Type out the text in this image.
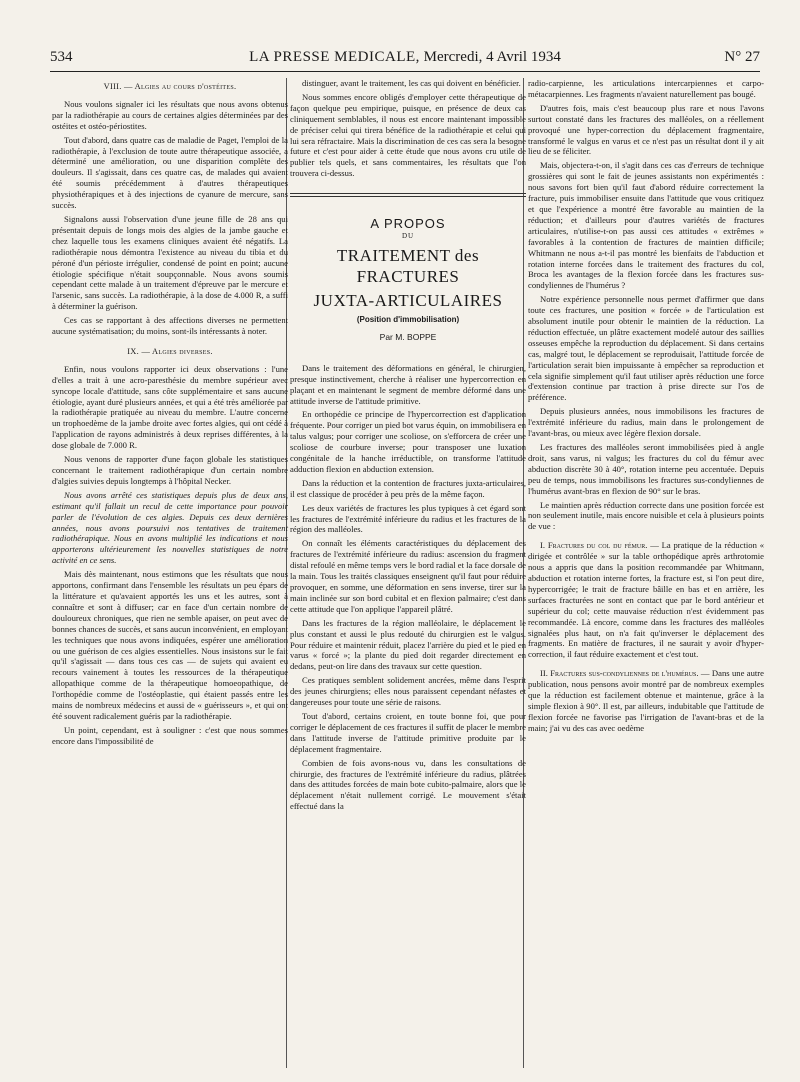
534	LA PRESSE MEDICALE, Mercredi, 4 Avril 1934	N° 27

VIII. — Algies au cours d'ostéites.

Nous voulons signaler ici les résultats que nous avons obtenus par la radiothérapie au cours de certaines algies déterminées par des ostéites et ostéo-périostites.

Tout d'abord, dans quatre cas de maladie de Paget, l'emploi de la radiothérapie, à l'exclusion de toute autre thérapeutique associée, a déterminé une amélioration, ou une disparition complète des douleurs. Il s'agissait, dans ces quatre cas, de malades qui avaient été soumis précédemment à d'autres thérapeutiques physiothérapiques et à des injections de cyanure de mercure, sans succès.

Signalons aussi l'observation d'une jeune fille de 28 ans qui présentait depuis de longs mois des algies de la jambe gauche et chez laquelle tous les examens cliniques avaient été négatifs. La radiothérapie nous démontra l'existence au niveau du tibia et du péroné d'un périoste irrégulier, condensé de point en point; aucune étiologie spécifique n'était soupçonnable. Nous avons soumis cependant cette malade à un traitement d'épreuve par le mercure et l'arsenic, sans succès. La radiothérapie, à la dose de 4.000 R, a suffi à déterminer la guérison.

Ces cas se rapportant à des affections diverses ne permettent aucune systématisation; du moins, sont-ils intéressants à noter.

IX. — Algies diverses.

Enfin, nous voulons rapporter ici deux observations : l'une d'elles a trait à une acro-paresthésie du membre supérieur avec syncope locale d'attitude, sans côte supplémentaire et sans aucune étiologie, ayant duré plusieurs années, et qui a été très améliorée par la radiothérapie pratiquée au niveau du membre. L'autre concerne un trophoedème de la jambe droite avec fortes algies, qui ont cédé à l'application de rayons administrés à deux reprises différentes, à la dose globale de 7.000 R.

Nous venons de rapporter d'une façon globale les statistiques concernant le traitement radiothérapique d'un certain nombre d'algies suivies depuis longtemps à l'hôpital Necker.

Nous avons arrêté ces statistiques depuis plus de deux ans, estimant qu'il fallait un recul de cette importance pour pouvoir parler de l'évolution de ces algies. Depuis ces deux dernières années, nous avons poursuivi nos tentatives de traitement radiothérapique. Nous en avons multiplié les indications et nous apporterons ultérieurement les nouvelles statistiques de notre activité en ce sens.

Mais dès maintenant, nous estimons que les résultats que nous apportons, confirmant dans l'ensemble les résultats un peu épars de la littérature et qu'avaient apportés les uns et les autres, sont à connaître et sont à diffuser; car en face d'un certain nombre de douloureux chroniques, que rien ne semble apaiser, on peut avec de bonnes chances de succès, et sans aucun inconvénient, en employant les techniques que nous avons indiquées, espérer une amélioration ou une guérison de ces algies essentielles. Nous insistons sur le fait qu'il s'agissait — dans tous ces cas — de sujets qui avaient eu recours vainement à toutes les ressources de la thérapeutique allopathique comme de la thérapeutique homoeopathique, de l'orthopédie comme de l'ostéoplastie, qui étaient passés entre les mains de nombreux médecins et aussi de « guérisseurs », et qui ont été souvent radicalement guéris par la radiothérapie.

Un point, cependant, est à souligner : c'est que nous sommes encore dans l'impossibilité de

distinguer, avant le traitement, les cas qui doivent en bénéficier.

Nous sommes encore obligés d'employer cette thérapeutique de façon quelque peu empirique, puisque, en présence de deux cas cliniquement semblables, il nous est encore maintenant impossible de préciser celui qui tirera bénéfice de la radiothérapie et celui qui lui sera réfractaire. Mais la discrimination de ces cas sera la besogne future et c'est pour aider à cette étude que nous avons cru utile de publier tels quels, et sans commentaires, les résultats que l'on trouvera ci-dessus.

A PROPOS
DU
TRAITEMENT des FRACTURES
JUXTA-ARTICULAIRES
(Position d'immobilisation)
Par M. BOPPE

Dans le traitement des déformations en général, le chirurgien, presque instinctivement, cherche à réaliser une hypercorrection en plaçant et en maintenant le segment de membre déformé dans une attitude inverse de l'attitude primitive.

En orthopédie ce principe de l'hypercorrection est d'application fréquente. Pour corriger un pied bot varus équin, on immobilisera en talus valgus; pour corriger une scoliose, on s'efforcera de créer une scoliose de courbure inverse; pour transposer une luxation congénitale de la hanche irréductible, on transforme l'attitude adduction flexion en abduction extension.

Dans la réduction et la contention de fractures juxta-articulaires, il est classique de procéder à peu près de la même façon.

Les deux variétés de fractures les plus typiques à cet égard sont les fractures de l'extrémité inférieure du radius et les fractures de la région des malléoles.

On connaît les éléments caractéristiques du déplacement des fractures de l'extrémité inférieure du radius: ascension du fragment distal refoulé en même temps vers le bord radial et la face dorsale de la main. Tous les traités classiques enseignent qu'il faut pour réduire provoquer, en somme, une déformation en sens inverse, tirer sur la main inclinée sur son bord cubital et en flexion palmaire; c'est dans cette attitude que l'on applique l'appareil plâtré.

Dans les fractures de la région malléolaire, le déplacement le plus constant et aussi le plus redouté du chirurgien est le valgus. Pour réduire et maintenir réduit, placez l'arrière du pied et le pied en varus « forcé »; la plante du pied doit regarder directement en dedans, peut-on lire dans des travaux sur cette question.

Ces pratiques semblent solidement ancrées, même dans l'esprit des jeunes chirurgiens; elles nous paraissent cependant néfastes et dangereuses pour toute une série de raisons.

Tout d'abord, certains croient, en toute bonne foi, que pour corriger le déplacement de ces fractures il suffit de placer le membre dans l'attitude inverse de l'attitude primitive produite par le déplacement fragmentaire.

Combien de fois avons-nous vu, dans les consultations de chirurgie, des fractures de l'extrémité inférieure du radius, plâtrées dans des attitudes forcées de main bote cubito-palmaire, alors que le déplacement n'était nullement corrigé. Le mouvement s'était effectué dans la

radio-carpienne, les articulations intercarpiennes et carpo-métacarpiennes. Les fragments n'avaient naturellement pas bougé.

D'autres fois, mais c'est beaucoup plus rare et nous l'avons surtout constaté dans les fractures des malléoles, on a réellement provoqué une hyper-correction du déplacement fragmentaire, transformé le valgus en varus et ce n'est pas un résultat dont il y ait lieu de se féliciter.

Mais, objectera-t-on, il s'agit dans ces cas d'erreurs de technique grossières qui sont le fait de jeunes assistants non expérimentés : nous savons fort bien qu'il faut d'abord réduire correctement la fracture, puis immobiliser ensuite dans l'attitude que vous critiquez et que l'expérience a montré être favorable au maintien de la réduction; et d'ailleurs pour d'autres variétés de fractures articulaires, n'utilise-t-on pas aussi ces attitudes « extrêmes » favorables à la contention de fractures de maintien difficile; Whitmann ne nous a-t-il pas montré les bienfaits de l'abduction et rotation interne forcées dans le traitement des fractures du col, Broca les avantages de la flexion forcée dans les fractures sus-condyliennes de l'humérus ?

Notre expérience personnelle nous permet d'affirmer que dans toute ces fractures, une position « forcée » de l'articulation est absolument inutile pour obtenir le maintien de la réduction. La réduction effectuée, un plâtre exactement modelé autour des saillies osseuses empêche la reproduction du déplacement. Si dans certains cas, malgré tout, le déplacement se reproduisait, l'attitude forcée de l'articulation serait bien impuissante à empêcher sa reproduction et cela signifie simplement qu'il faut utiliser après réduction une force d'extension continue par traction à prise directe sur l'os de préférence.

Depuis plusieurs années, nous immobilisons les fractures de l'extrémité inférieure du radius, main dans le prolongement de l'avant-bras, ou mieux avec légère flexion dorsale.

Les fractures des malléoles seront immobilisées pied à angle droit, sans varus, ni valgus; les fractures du col du fémur avec abduction discrète 30 à 40°, rotation interne peu accentuée. Depuis peu de temps, nous immobilisons les fractures sus-condyliennes de l'humérus avant-bras en flexion de 90° sur le bras.

Le maintien après réduction correcte dans une position forcée est non seulement inutile, mais encore nuisible et cela à plusieurs points de vue :

I. Fractures du col du fémur. — La pratique de la réduction « dirigée et contrôlée » sur la table orthopédique après arthrotomie nous a appris que dans la position recommandée par Whitmann, abduction et rotation interne fortes, la fracture est, si l'on peut dire, hypercorrigée; le trait de fracture bâille en bas et en arrière, les surfaces fracturées ne sont en contact que par le bord antérieur et supérieur du col; cette mauvaise réduction n'est évidemment pas recommandée. Là encore, comme dans les fractures des malléoles signalées plus haut, on n'a fait qu'inverser le déplacement des fragments. En matière de fractures, il ne saurait y avoir d'hyper-correction, il faut réduire exactement et c'est tout.

II. Fractures sus-condyliennes de l'humérus. — Dans une autre publication, nous pensons avoir montré par de nombreux exemples que la réduction est facilement obtenue et maintenue, grâce à la simple flexion à 90°. Il est, par ailleurs, indubitable que l'attitude de flexion forcée ne favorise pas l'irrigation de l'avant-bras et de la main; j'ai vu des cas avec oedème
